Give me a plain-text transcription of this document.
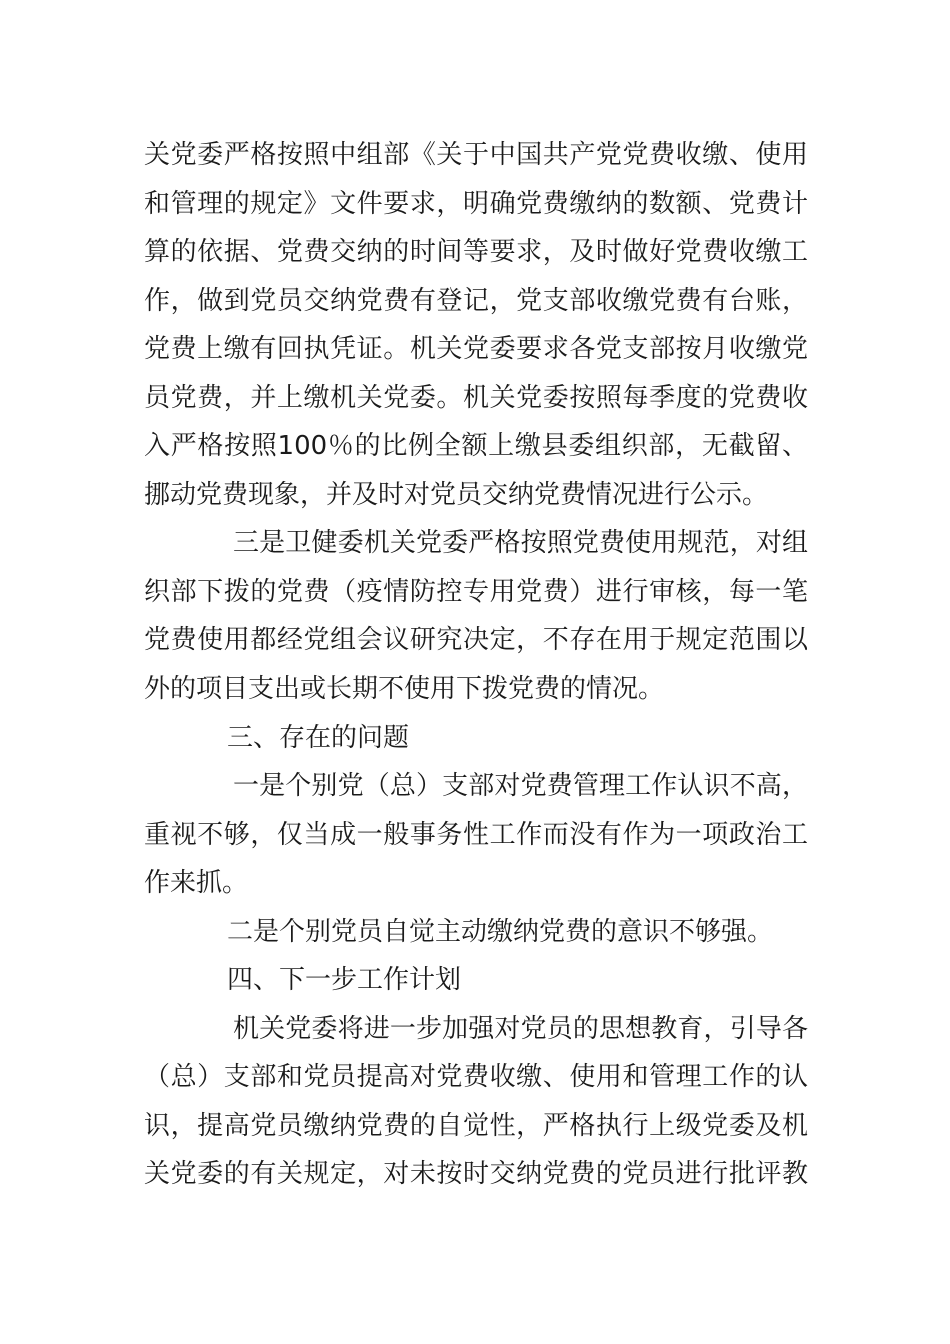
关党委严格按照中组部《关于中国共产党党费收缴、使用
和管理的规定》文件要求，明确党费缴纳的数额、党费计
算的依据、党费交纳的时间等要求，及时做好党费收缴工
作，做到党员交纳党费有登记，党支部收缴党费有台账，
党费上缴有回执凭证。机关党委要求各党支部按月收缴党
员党费，并上缴机关党委。机关党委按照每季度的党费收
入严格按照100％的比例全额上缴县委组织部，无截留、
挪动党费现象，并及时对党员交纳党费情况进行公示。
三是卫健委机关党委严格按照党费使用规范，对组
织部下拨的党费（疫情防控专用党费）进行审核，每一笔
党费使用都经党组会议研究决定，不存在用于规定范围以
外的项目支出或长期不使用下拨党费的情况。
三、存在的问题
一是个别党（总）支部对党费管理工作认识不高，
重视不够，仅当成一般事务性工作而没有作为一项政治工
作来抓。
二是个别党员自觉主动缴纳党费的意识不够强。
四、下一步工作计划
机关党委将进一步加强对党员的思想教育，引导各
（总）支部和党员提高对党费收缴、使用和管理工作的认
识，提高党员缴纳党费的自觉性，严格执行上级党委及机
关党委的有关规定，对未按时交纳党费的党员进行批评教
